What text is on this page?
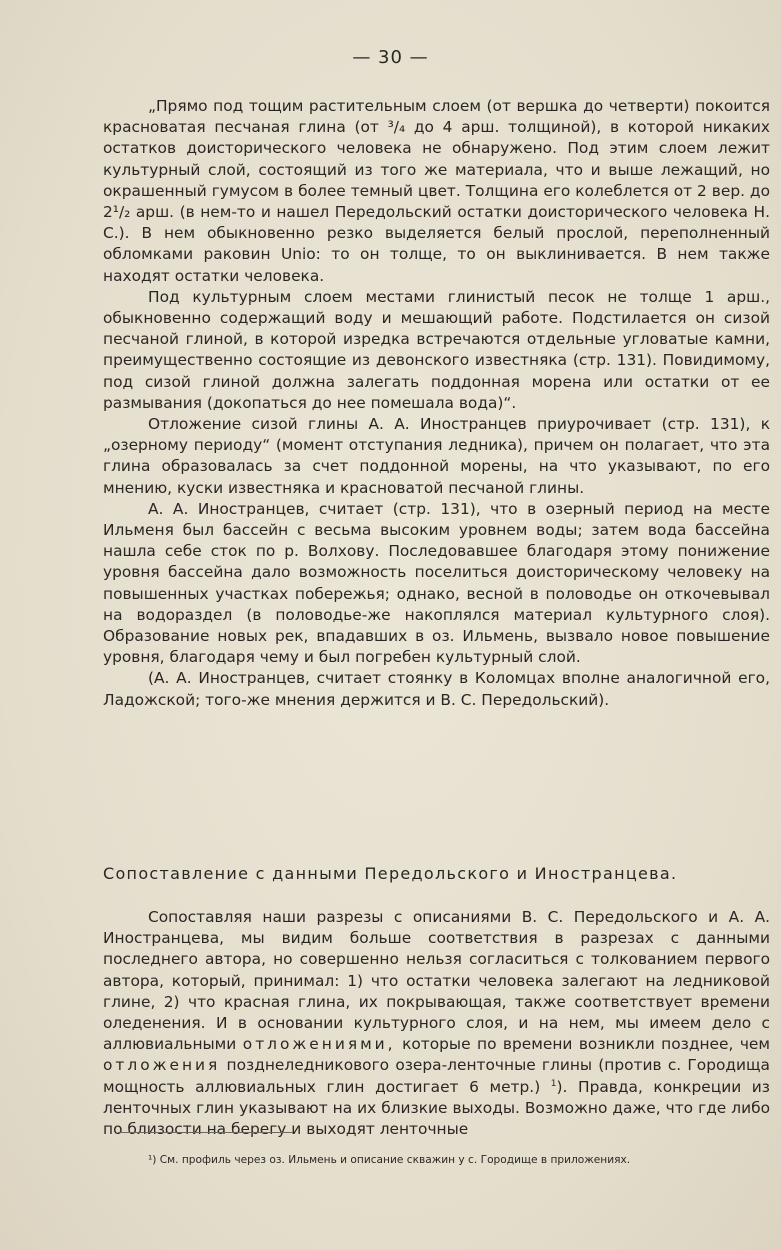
— 30 —

„Прямо под тощим растительным слоем (от вершка до четверти) покоится красноватая песчаная глина (от ³/₄ до 4 арш. толщиной), в которой никаких остатков доисторического человека не обнаружено. Под этим слоем лежит культурный слой, состоящий из того же материала, что и выше лежащий, но окрашенный гумусом в более темный цвет. Толщина его колеблется от 2 вер. до 2¹/₂ арш. (в нем-то и нашел Передольский остатки доисторического человека Н. С.). В нем обыкновенно резко выделяется белый прослой, переполненный обломками раковин Unio: то он толще, то он выклинивается. В нем также находят остатки человека.

Под культурным слоем местами глинистый песок не толще 1 арш., обыкновенно содержащий воду и мешающий работе. Подстилается он сизой песчаной глиной, в которой изредка встречаются отдельные угловатые камни, преимущественно состоящие из девонского известняка (стр. 131). Повидимому, под сизой глиной должна залегать поддонная морена или остатки от ее размывания (докопаться до нее помешала вода)“.

Отложение сизой глины А. А. Иностранцев приурочивает (стр. 131), к „озерному периоду“ (момент отступания ледника), причем он полагает, что эта глина образовалась за счет поддонной морены, на что указывают, по его мнению, куски известняка и красноватой песчаной глины.

А. А. Иностранцев, считает (стр. 131), что в озерный период на месте Ильменя был бассейн с весьма высоким уровнем воды; затем вода бассейна нашла себе сток по р. Волхову. Последовавшее благодаря этому понижение уровня бассейна дало возможность поселиться доисторическому человеку на повышенных участках побережья; однако, весной в половодье он откочевывал на водораздел (в половодье-же накоплялся материал культурного слоя). Образование новых рек, впадавших в оз. Ильмень, вызвало новое повышение уровня, благодаря чему и был погребен культурный слой.

(А. А. Иностранцев, считает стоянку в Коломцах вполне аналогичной его, Ладожской; того-же мнения держится и В. С. Передольский).

Сопоставление с данными Передольского и Иностранцева.

Сопоставляя наши разрезы с описаниями В. С. Передольского и А. А. Иностранцева, мы видим больше соответствия в разрезах с данными последнего автора, но совершенно нельзя согласиться с толкованием первого автора, который, принимал: 1) что остатки человека залегают на ледниковой глине, 2) что красная глина, их покрывающая, также соответствует времени оледенения. И в основании культурного слоя, и на нем, мы имеем дело с аллювиальными отложениями, которые по времени возникли позднее, чем отложения позднеледникового озера-ленточные глины (против с. Городища мощность аллювиальных глин достигает 6 метр.) $^1$). Правда, конкреции из ленточных глин указывают на их близкие выходы. Возможно даже, что где либо по близости на берегу и выходят ленточные

¹) См. профиль через оз. Ильмень и описание скважин у с. Городище в приложениях.
